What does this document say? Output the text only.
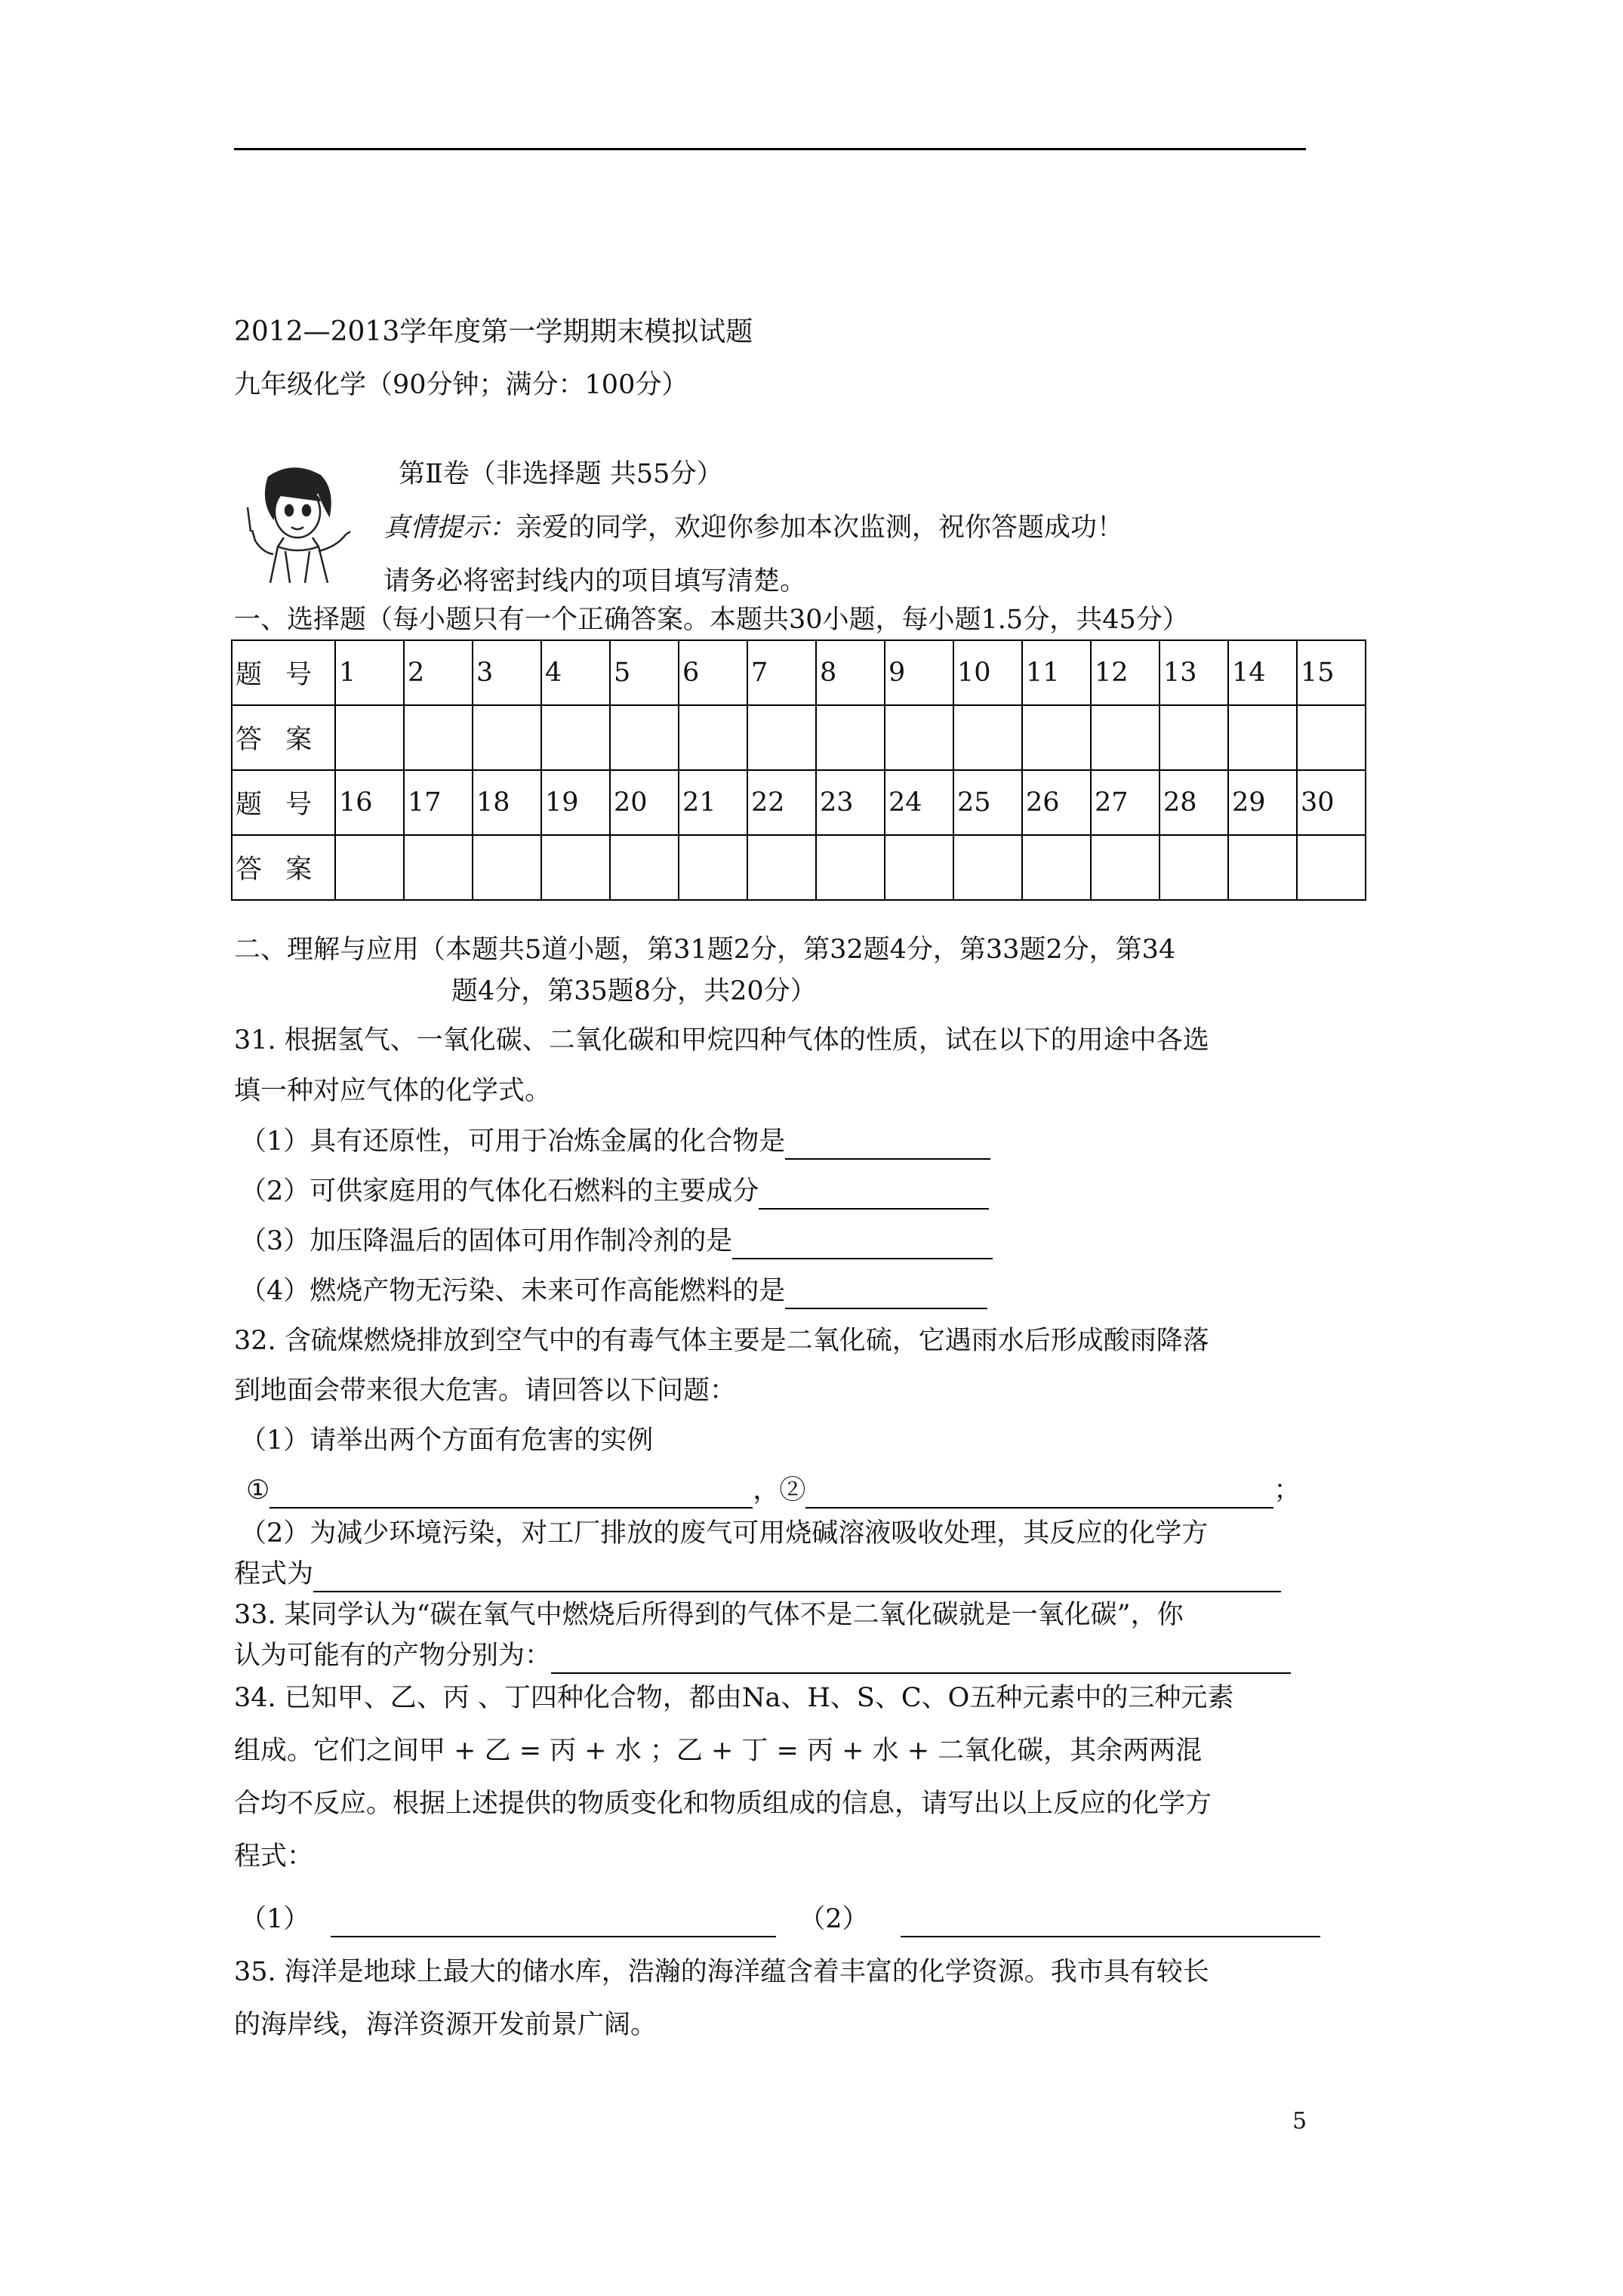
2012—2013学年度第一学期期末模拟试题
九年级化学（90分钟；满分：100分）
第Ⅱ卷（非选择题 共55分）
真情提示：亲爱的同学，欢迎你参加本次监测，祝你答题成功！
请务必将密封线内的项目填写清楚。
一、选择题（每小题只有一个正确答案。本题共30小题，每小题1.5分，共45分）
题 号	1	2	3	4	5	6	7	8	9	10	11	12	13	14	15
答 案															
题 号	16	17	18	19	20	21	22	23	24	25	26	27	28	29	30
答 案															
二、理解与应用（本题共5道小题，第31题2分，第32题4分，第33题2分，第34
题4分，第35题8分，共20分）
31. 根据氢气、一氧化碳、二氧化碳和甲烷四种气体的性质，试在以下的用途中各选
填一种对应气体的化学式。
（1）具有还原性，可用于冶炼金属的化合物是
（2）可供家庭用的气体化石燃料的主要成分
（3）加压降温后的固体可用作制冷剂的是
（4）燃烧产物无污染、未来可作高能燃料的是
32. 含硫煤燃烧排放到空气中的有毒气体主要是二氧化硫，它遇雨水后形成酸雨降落
到地面会带来很大危害。请回答以下问题：
（1）请举出两个方面有危害的实例
①	，②	；
（2）为减少环境污染，对工厂排放的废气可用烧碱溶液吸收处理，其反应的化学方
程式为
33. 某同学认为“碳在氧气中燃烧后所得到的气体不是二氧化碳就是一氧化碳”，你
认为可能有的产物分别为：
34. 已知甲、乙、丙 、丁四种化合物，都由Na、H、S、C、O五种元素中的三种元素
组成。它们之间甲 + 乙 = 丙 + 水 ；乙 + 丁 = 丙 + 水 + 二氧化碳，其余两两混
合均不反应。根据上述提供的物质变化和物质组成的信息，请写出以上反应的化学方
程式：
（1）	（2）
35. 海洋是地球上最大的储水库，浩瀚的海洋蕴含着丰富的化学资源。我市具有较长
的海岸线，海洋资源开发前景广阔。
5
